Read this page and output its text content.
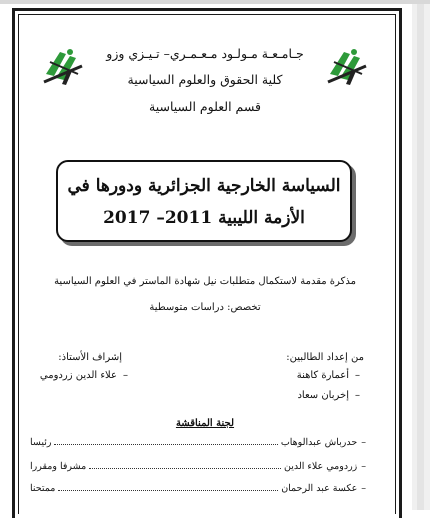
جـامـعـة مـولـود مـعـمـري– تـيـزي وزو
كلية الحقوق والعلوم السياسية
قسم العلوم السياسية
السياسة الخارجية الجزائرية ودورها في
الأزمة الليبية 2011– 2017
مذكرة مقدمة لاستكمال متطلبات نيل شهادة الماستر في العلوم السياسية
تخصص: دراسات متوسطية
من إعداد الطالبين:
–أعمارة كاهنة
–إخربان سعاد
إشراف الأستاذ:
–علاء الدين زردومي
لجنة المناقشة
–
حدرباش عبدالوهاب
رئيسا
–
زردومي علاء الدين
مشرفا ومقررا
–
عكسة عبد الرحمان
ممتحنا
